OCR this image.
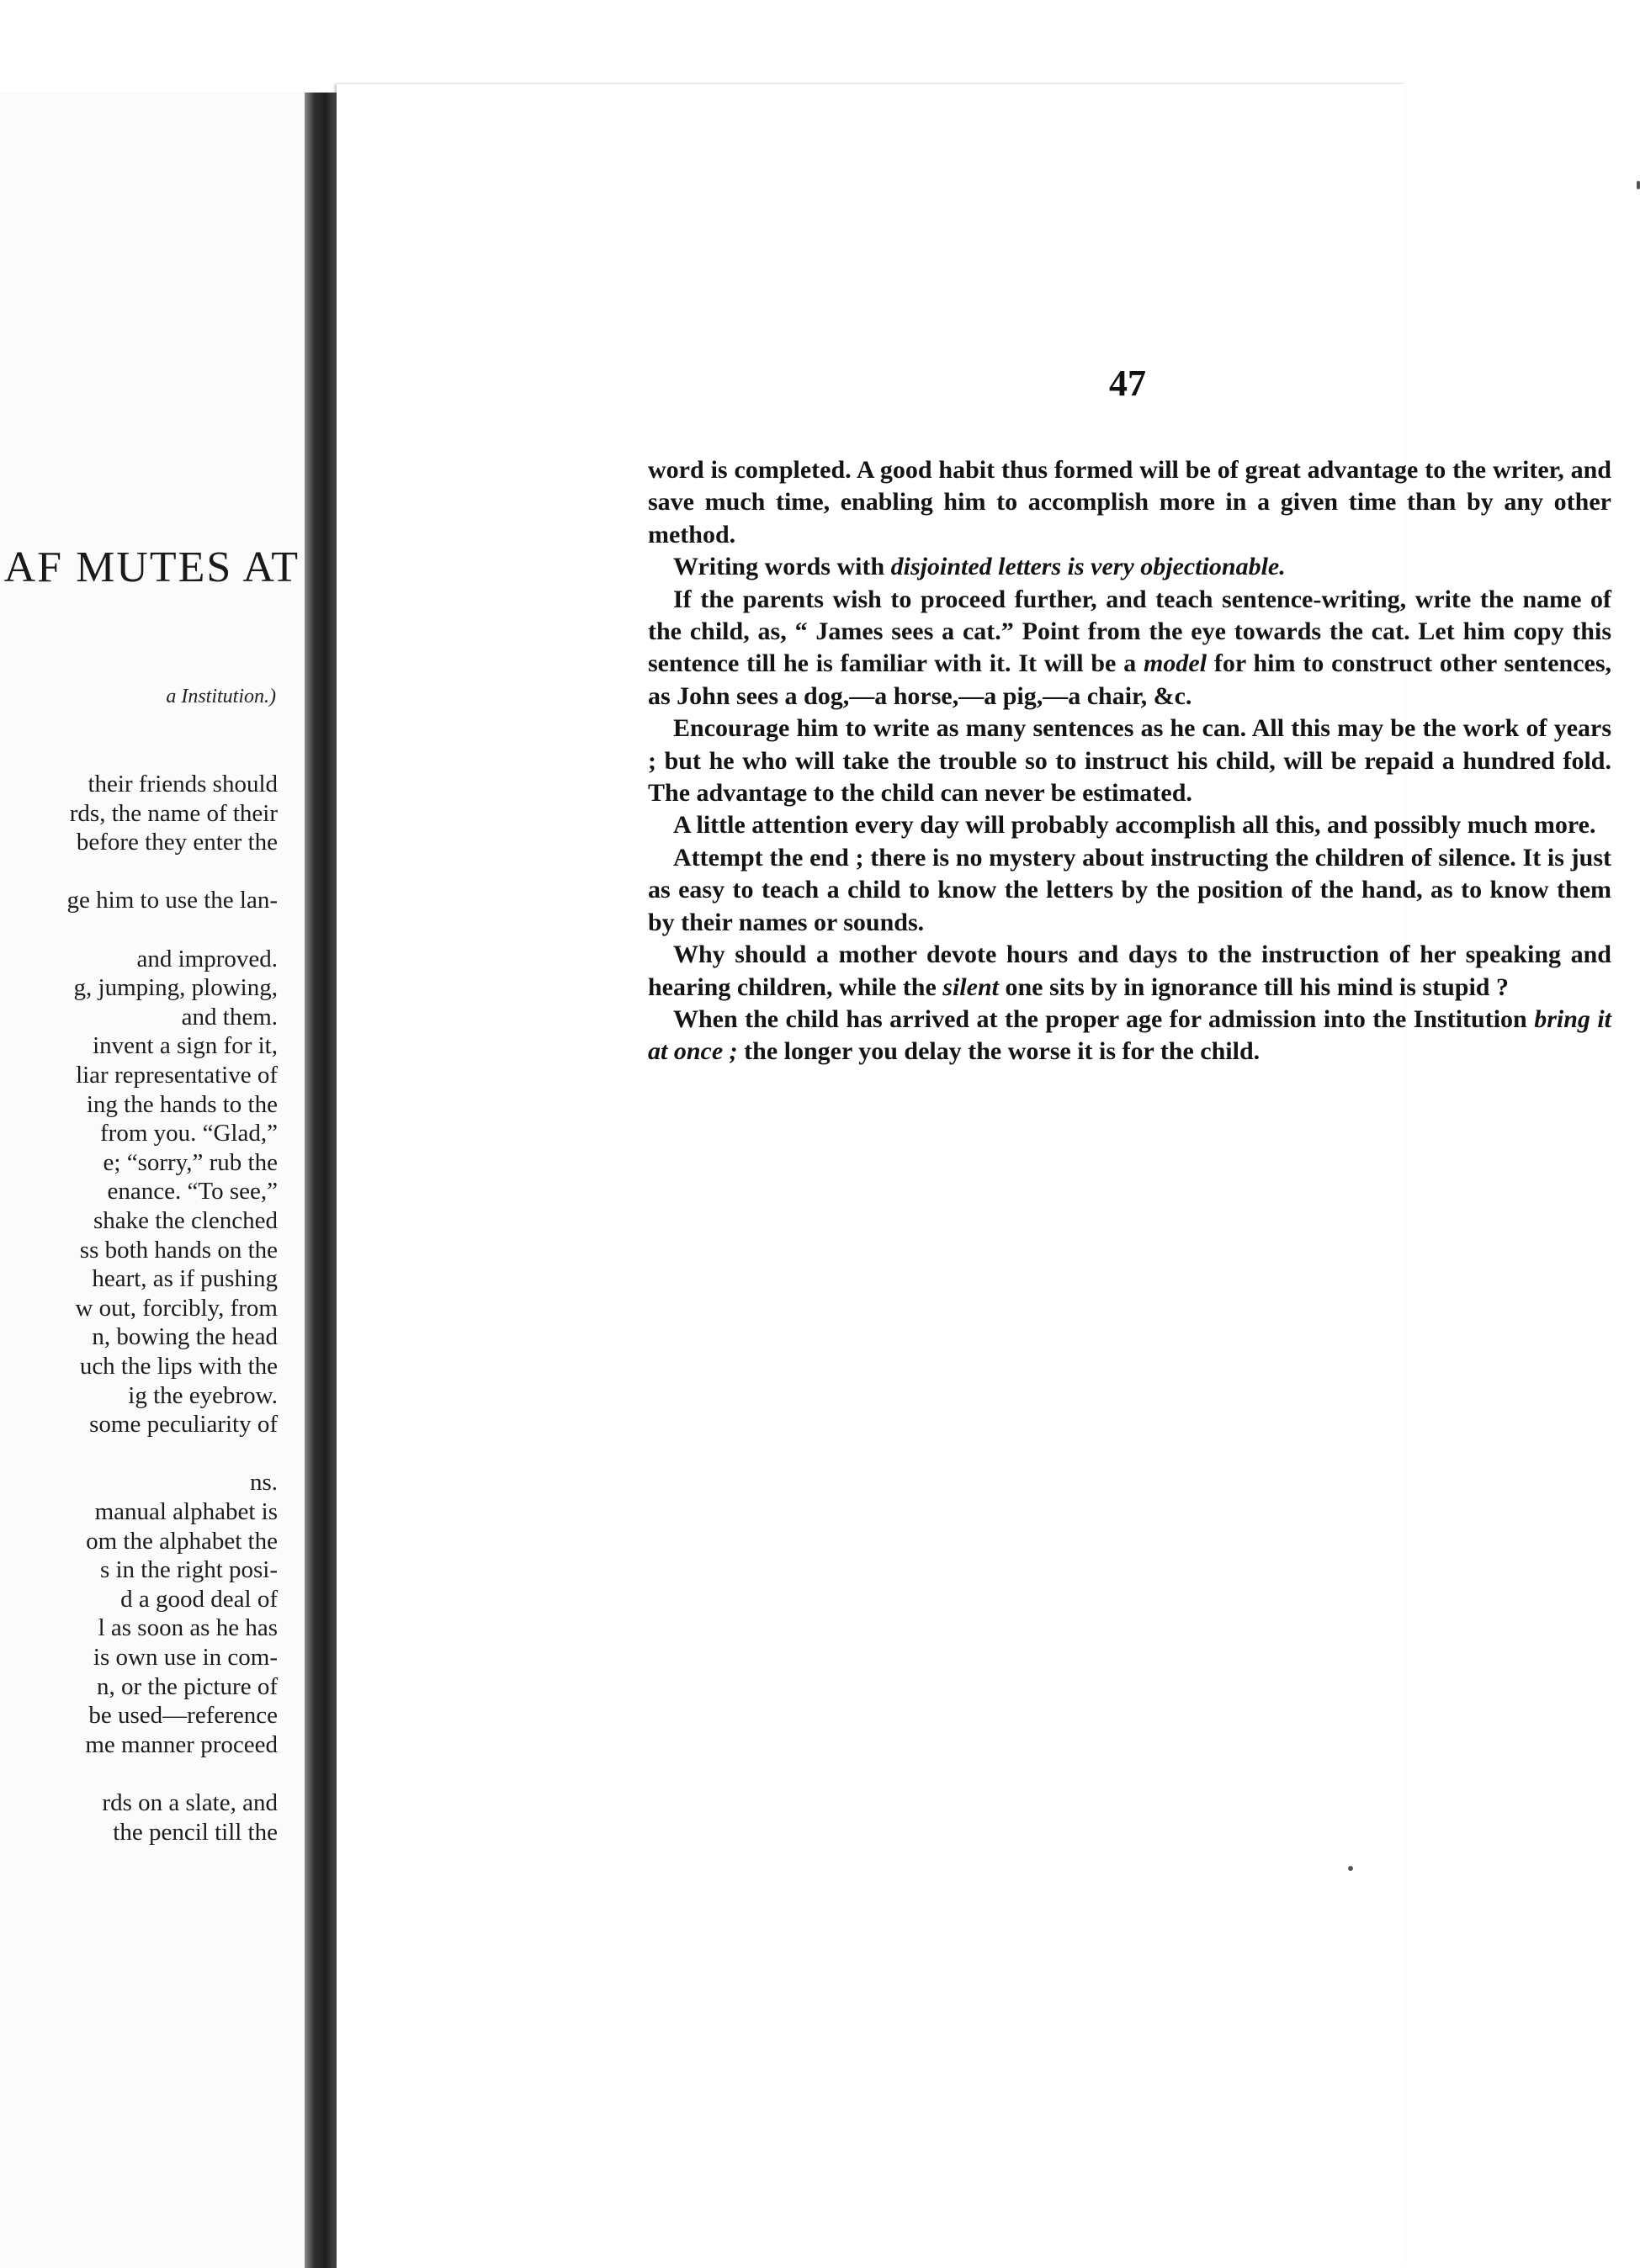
AF MUTES AT
a Institution.)
their friends should
rds, the name of their
before they enter the
ge him to use the lan-
and improved.
g, jumping, plowing,
and them.
invent a sign for it,
liar representative of
ing the hands to the
from you. “Glad,”
e; “sorry,” rub the
enance. “To see,”
shake the clenched
ss both hands on the
heart, as if pushing
w out, forcibly, from
n, bowing the head
uch the lips with the
ig the eyebrow.
some peculiarity of
ns.
manual alphabet is
om the alphabet the
s in the right posi-
d a good deal of
l as soon as he has
is own use in com-
n, or the picture of
be used—reference
me manner proceed
rds on a slate, and
the pencil till the
47

word is completed. A good habit thus formed will be of great advantage to the writer, and save much time, enabling him to accomplish more in a given time than by any other method.

Writing words with disjointed letters is very objectionable.

If the parents wish to proceed further, and teach sentence-writing, write the name of the child, as, “ James sees a cat.” Point from the eye towards the cat. Let him copy this sentence till he is familiar with it. It will be a model for him to construct other sentences, as John sees a dog,—a horse,—a pig,—a chair, &c.

Encourage him to write as many sentences as he can. All this may be the work of years ; but he who will take the trouble so to instruct his child, will be repaid a hundred fold. The advantage to the child can never be estimated.

A little attention every day will probably accomplish all this, and possibly much more.

Attempt the end ; there is no mystery about instructing the children of silence. It is just as easy to teach a child to know the letters by the position of the hand, as to know them by their names or sounds.

Why should a mother devote hours and days to the instruction of her speaking and hearing children, while the silent one sits by in ignorance till his mind is stupid ?

When the child has arrived at the proper age for admission into the Institution bring it at once ; the longer you delay the worse it is for the child.
